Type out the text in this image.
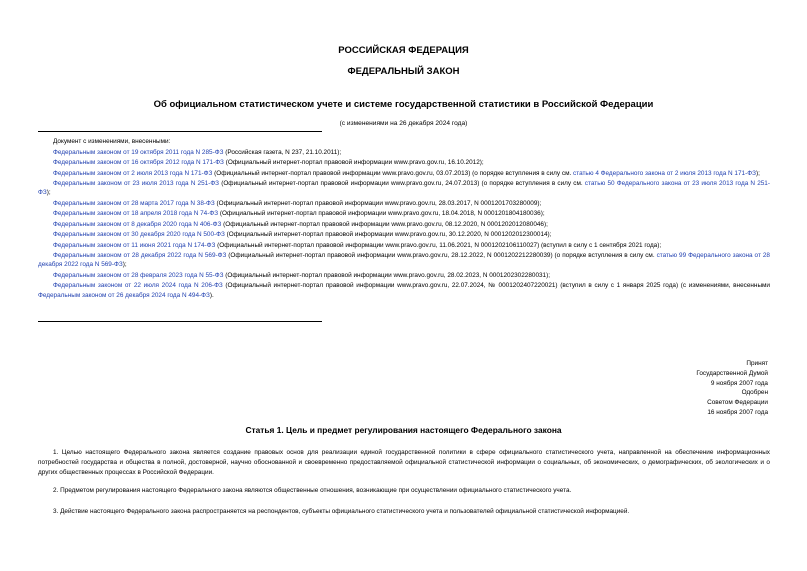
РОССИЙСКАЯ ФЕДЕРАЦИЯ
ФЕДЕРАЛЬНЫЙ ЗАКОН
Об официальном статистическом учете и системе государственной статистики в Российской Федерации
(с изменениями на 26 декабря 2024 года)

Документ с изменениями, внесенными:

Федеральным законом от 19 октября 2011 года N 285-ФЗ (Российская газета, N 237, 21.10.2011);

Федеральным законом от 16 октября 2012 года N 171-ФЗ (Официальный интернет-портал правовой информации www.pravo.gov.ru, 16.10.2012);

Федеральным законом от 2 июля 2013 года N 171-ФЗ (Официальный интернет-портал правовой информации www.pravo.gov.ru, 03.07.2013) (о порядке вступления в силу см. статью 4 Федерального закона от 2 июля 2013 года N 171-ФЗ);

Федеральным законом от 23 июля 2013 года N 251-ФЗ (Официальный интернет-портал правовой информации www.pravo.gov.ru, 24.07.2013) (о порядке вступления в силу см. статью 50 Федерального закона от 23 июля 2013 года N 251-ФЗ);

Федеральным законом от 28 марта 2017 года N 38-ФЗ (Официальный интернет-портал правовой информации www.pravo.gov.ru, 28.03.2017, N 0001201703280009);

Федеральным законом от 18 апреля 2018 года N 74-ФЗ (Официальный интернет-портал правовой информации www.pravo.gov.ru, 18.04.2018, N 0001201804180036);

Федеральным законом от 8 декабря 2020 года N 406-ФЗ (Официальный интернет-портал правовой информации www.pravo.gov.ru, 08.12.2020, N 0001202012080046);

Федеральным законом от 30 декабря 2020 года N 500-ФЗ (Официальный интернет-портал правовой информации www.pravo.gov.ru, 30.12.2020, N 0001202012300014);

Федеральным законом от 11 июня 2021 года N 174-ФЗ (Официальный интернет-портал правовой информации www.pravo.gov.ru, 11.06.2021, N 0001202106110027) (вступил в силу с 1 сентября 2021 года);

Федеральным законом от 28 декабря 2022 года N 569-ФЗ (Официальный интернет-портал правовой информации www.pravo.gov.ru, 28.12.2022, N 0001202212280039) (о порядке вступления в силу см. статью 99 Федерального закона от 28 декабря 2022 года N 569-ФЗ);

Федеральным законом от 28 февраля 2023 года N 55-ФЗ (Официальный интернет-портал правовой информации www.pravo.gov.ru, 28.02.2023, N 0001202302280031);

Федеральным законом от 22 июля 2024 года N 206-ФЗ (Официальный интернет-портал правовой информации www.pravo.gov.ru, 22.07.2024, № 0001202407220021) (вступил в силу с 1 января 2025 года) (с изменениями, внесенными Федеральным законом от 26 декабря 2024 года N 494-ФЗ).

Принят
Государственной Думой
9 ноября 2007 года
Одобрен
Советом Федерации
16 ноября 2007 года
Статья 1. Цель и предмет регулирования настоящего Федерального закона

1. Целью настоящего Федерального закона является создание правовых основ для реализации единой государственной политики в сфере официального статистического учета, направленной на обеспечение информационных потребностей государства и общества в полной, достоверной, научно обоснованной и своевременно предоставляемой официальной статистической информации о социальных, об экономических, о демографических, об экологических и о других общественных процессах в Российской Федерации.

2. Предметом регулирования настоящего Федерального закона являются общественные отношения, возникающие при осуществлении официального статистического учета.

3. Действие настоящего Федерального закона распространяется на респондентов, субъекты официального статистического учета и пользователей официальной статистической информацией.
